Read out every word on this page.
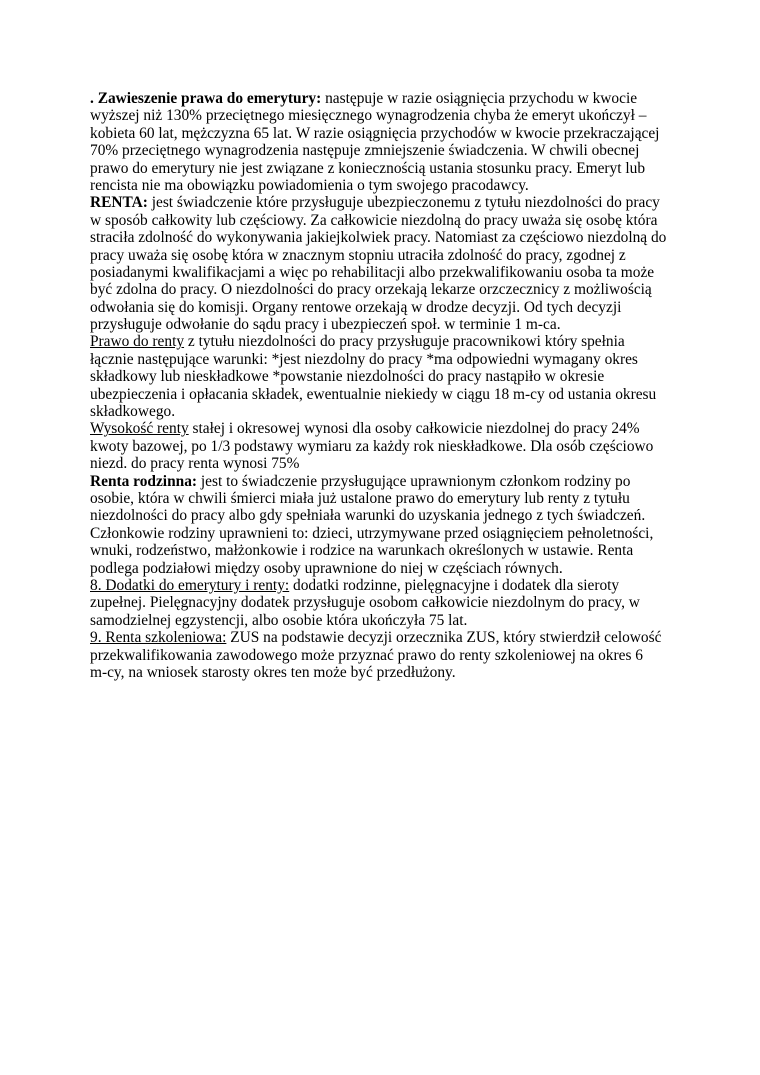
. Zawieszenie prawa do emerytury: następuje w razie osiągnięcia przychodu w kwocie
wyższej niż 130% przeciętnego miesięcznego wynagrodzenia chyba że emeryt ukończył –
kobieta 60 lat, mężczyzna 65 lat. W razie osiągnięcia przychodów w kwocie przekraczającej
70% przeciętnego wynagrodzenia następuje zmniejszenie świadczenia. W chwili obecnej
prawo do emerytury nie jest związane z koniecznością ustania stosunku pracy. Emeryt lub
rencista nie ma obowiązku powiadomienia o tym swojego pracodawcy.
RENTA: jest świadczenie które przysługuje ubezpieczonemu z tytułu niezdolności do pracy
w sposób całkowity lub częściowy. Za całkowicie niezdolną do pracy uważa się osobę która
straciła zdolność do wykonywania jakiejkolwiek pracy. Natomiast za częściowo niezdolną do
pracy uważa się osobę która w znacznym stopniu utraciła zdolność do pracy, zgodnej z
posiadanymi kwalifikacjami a więc po rehabilitacji albo przekwalifikowaniu osoba ta może
być zdolna do pracy. O niezdolności do pracy orzekają lekarze orzczecznicy z możliwością
odwołania się do komisji. Organy rentowe orzekają w drodze decyzji. Od tych decyzji
przysługuje odwołanie do sądu pracy i ubezpieczeń społ. w terminie 1 m-ca.
Prawo do renty z tytułu niezdolności do pracy przysługuje pracownikowi który spełnia
łącznie następujące warunki: *jest niezdolny do pracy *ma odpowiedni wymagany okres
składkowy lub nieskładkowe *powstanie niezdolności do pracy nastąpiło w okresie
ubezpieczenia i opłacania składek, ewentualnie niekiedy w ciągu 18 m-cy od ustania okresu
składkowego.
Wysokość renty stałej i okresowej wynosi dla osoby całkowicie niezdolnej do pracy 24%
kwoty bazowej, po 1/3 podstawy wymiaru za każdy rok nieskładkowe. Dla osób częściowo
niezd. do pracy renta wynosi 75%
Renta rodzinna: jest to świadczenie przysługujące uprawnionym członkom rodziny po
osobie, która w chwili śmierci miała już ustalone prawo do emerytury lub renty z tytułu
niezdolności do pracy albo gdy spełniała warunki do uzyskania jednego z tych świadczeń.
Członkowie rodziny uprawnieni to: dzieci, utrzymywane przed osiągnięciem pełnoletności,
wnuki, rodzeństwo, małżonkowie i rodzice na warunkach określonych w ustawie. Renta
podlega podziałowi między osoby uprawnione do niej w częściach równych.
8. Dodatki do emerytury i renty: dodatki rodzinne, pielęgnacyjne i dodatek dla sieroty
zupełnej. Pielęgnacyjny dodatek przysługuje osobom całkowicie niezdolnym do pracy, w
samodzielnej egzystencji, albo osobie która ukończyła 75 lat.
9. Renta szkoleniowa: ZUS na podstawie decyzji orzecznika ZUS, który stwierdził celowość
przekwalifikowania zawodowego może przyznać prawo do renty szkoleniowej na okres 6
m-cy, na wniosek starosty okres ten może być przedłużony.
